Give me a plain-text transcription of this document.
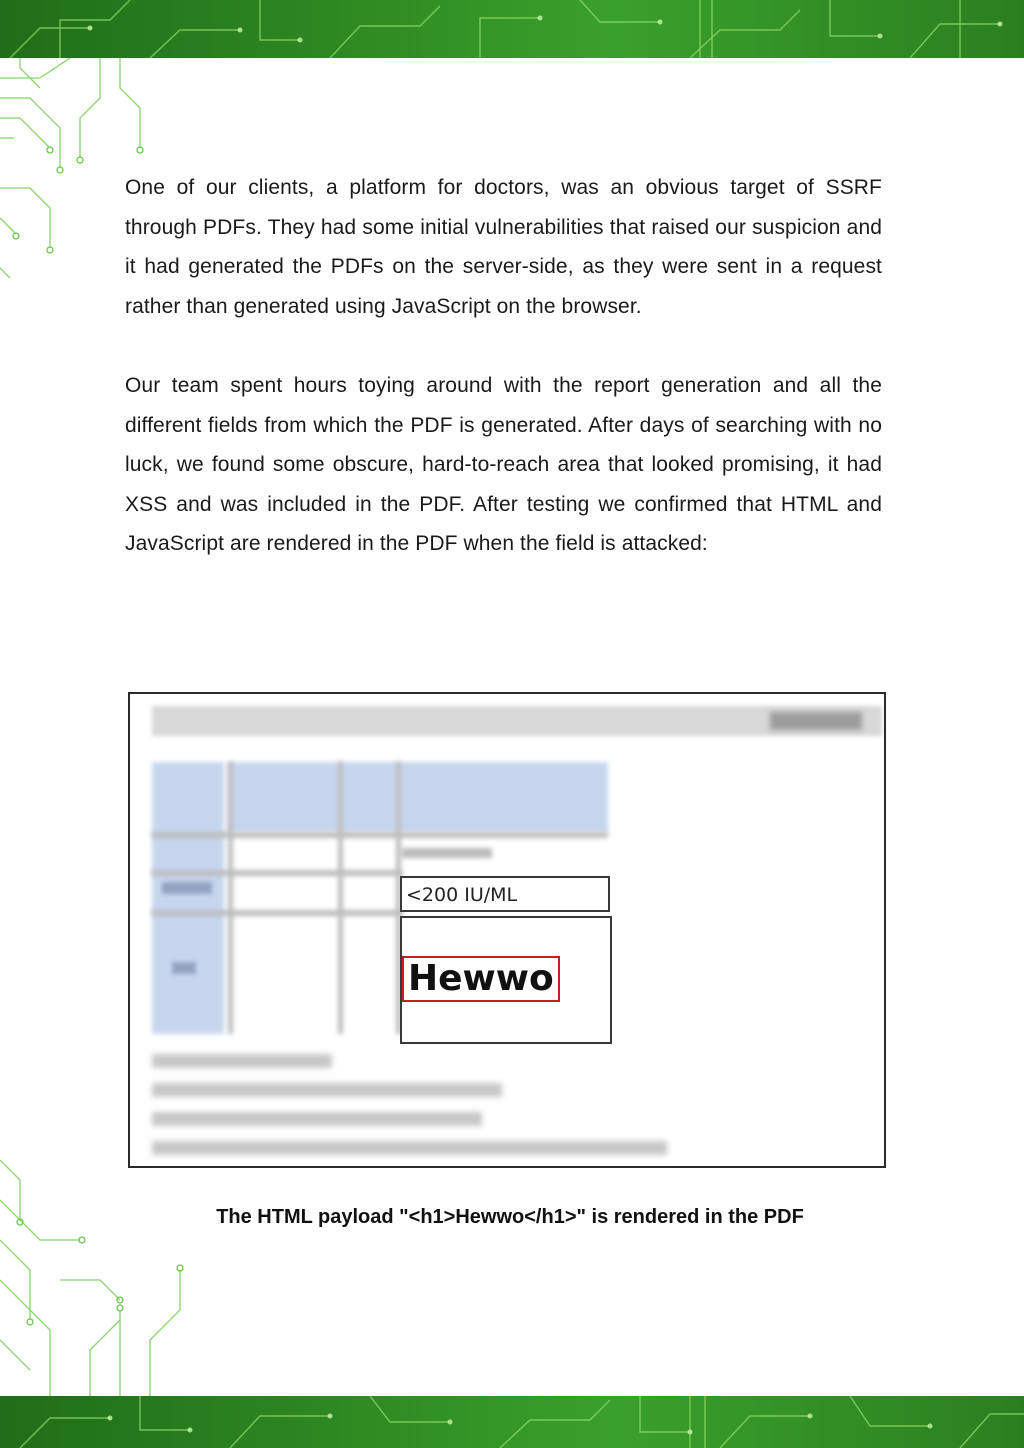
One of our clients, a platform for doctors, was an obvious target of SSRF through PDFs. They had some initial vulnerabilities that raised our suspicion and it had generated the PDFs on the server-side, as they were sent in a request rather than generated using JavaScript on the browser.

Our team spent hours toying around with the report generation and all the different fields from which the PDF is generated. After days of searching with no luck, we found some obscure, hard-to-reach area that looked promising, it had XSS and was included in the PDF. After testing we confirmed that HTML and JavaScript are rendered in the PDF when the field is attacked:

<200 IU/ML
Hewwo
The HTML payload "<h1>Hewwo</h1>" is rendered in the PDF
